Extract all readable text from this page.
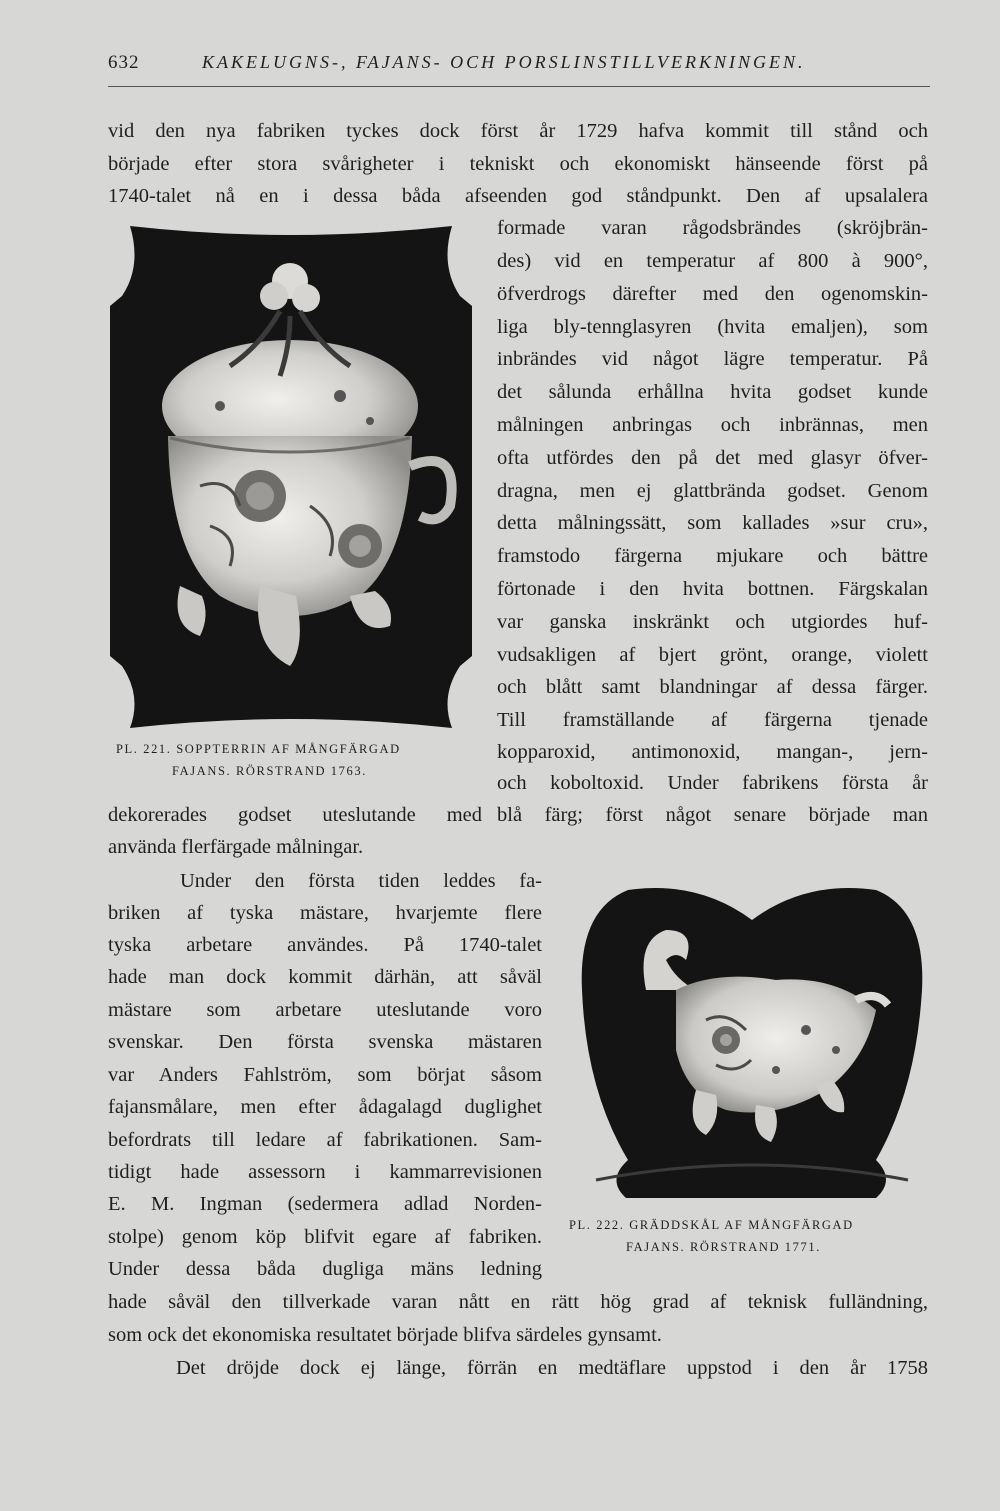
632	KAKELUGNS-, FAJANS- OCH PORSLINSTILLVERKNINGEN.
vid den nya fabriken tyckes dock först år 1729 hafva kommit till stånd och
började efter stora svårigheter i tekniskt och ekonomiskt hänseende först på
1740-talet nå en i dessa båda afseenden god ståndpunkt. Den af upsalalera
formade varan rågodsbrändes (skröjbrän-
des) vid en temperatur af 800 à 900°,
öfverdrogs därefter med den ogenomskin-
liga bly-tennglasyren (hvita emaljen), som
inbrändes vid något lägre temperatur. På
det sålunda erhållna hvita godset kunde
målningen anbringas och inbrännas, men
ofta utfördes den på det med glasyr öfver-
dragna, men ej glattbrända godset. Genom
detta målningssätt, som kallades »sur cru»,
framstodo färgerna mjukare och bättre
förtonade i den hvita bottnen. Färgskalan
var ganska inskränkt och utgiordes huf-
vudsakligen af bjert grönt, orange, violett
och blått samt blandningar af dessa färger.
Till framställande af färgerna tjenade
kopparoxid, antimonoxid, mangan-, jern-
och koboltoxid. Under fabrikens första år
PL. 221. SOPPTERRIN AF MÅNGFÄRGAD
FAJANS. RÖRSTRAND 1763.
dekorerades godset uteslutande med blå färg; först något senare började man
använda flerfärgade målningar.
Under den första tiden leddes fa-
briken af tyska mästare, hvarjemte flere
tyska arbetare användes. På 1740-talet
hade man dock kommit därhän, att såväl
mästare som arbetare uteslutande voro
svenskar. Den första svenska mästaren
var Anders Fahlström, som börjat såsom
fajansmålare, men efter ådagalagd duglighet
befordrats till ledare af fabrikationen. Sam-
tidigt hade assessorn i kammarrevisionen
E. M. Ingman (sedermera adlad Norden-
stolpe) genom köp blifvit egare af fabriken.
Under dessa båda dugliga mäns ledning
PL. 222. GRÄDDSKÅL AF MÅNGFÄRGAD
FAJANS. RÖRSTRAND 1771.
hade såväl den tillverkade varan nått en rätt hög grad af teknisk fulländning,
som ock det ekonomiska resultatet började blifva särdeles gynsamt.
Det dröjde dock ej länge, förrän en medtäflare uppstod i den år 1758
